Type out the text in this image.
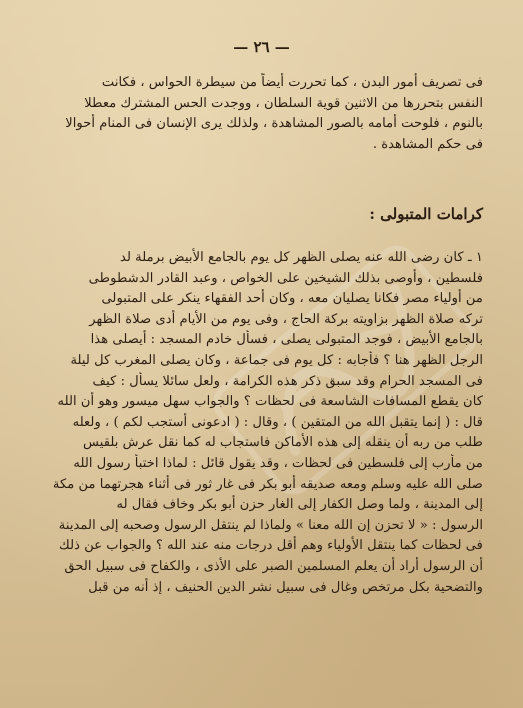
— ٢٦ —
فى تصريف أمور البدن ، كما تحررت أيضاً من سيطرة الحواس ، فكانت
النفس بتحررها من الاثنين قوية السلطان ، ووجدت الحس المشترك معطلا
بالنوم ، فلوحت أمامه بالصور المشاهدة ، ولذلك يرى الإنسان فى المنام أحوالا
فى حكم المشاهدة .
كرامات المتبولى :
١ ـ كان رضى الله عنه يصلى الظهر كل يوم بالجامع الأبيض برملة لد
فلسطين ، وأوصى بذلك الشيخين على الخواص ، وعبد القادر الدشطوطى
من أولياء مصر فكانا يصليان معه ، وكان أحد الفقهاء ينكر على المتبولى
تركه صلاة الظهر بزاويته بركة الحاج ، وفى يوم من الأيام أدى صلاة الظهر
بالجامع الأبيض ، فوجد المتبولى يصلى ، فسأل خادم المسجد : أيصلى هذا
الرجل الظهر هنا ؟ فأجابه : كل يوم فى جماعة ، وكان يصلى المغرب كل ليلة
فى المسجد الحرام وقد سبق ذكر هذه الكرامة ، ولعل سائلا يسأل : كيف
كان يقطع المسافات الشاسعة فى لحظات ؟ والجواب سهل ميسور وهو أن الله
قال : ( إنما يتقبل الله من المتقين ) ، وقال : ( ادعونى أستجب لكم ) ، ولعله
طلب من ربه أن ينقله إلى هذه الأماكن فاستجاب له كما نقل عرش بلقيس
من مأرب إلى فلسطين فى لحظات ، وقد يقول قائل : لماذا اختبأ رسول الله
صلى الله عليه وسلم ومعه صديقه أبو بكر فى غار ثور فى أثناء هجرتهما من مكة
إلى المدينة ، ولما وصل الكفار إلى الغار حزن أبو بكر وخاف فقال له
الرسول : « لا تحزن إن الله معنا » ولماذا لم ينتقل الرسول وصحبه إلى المدينة
فى لحظات كما ينتقل الأولياء وهم أقل درجات منه عند الله ؟ والجواب عن ذلك
أن الرسول أراد أن يعلم المسلمين الصبر على الأذى ، والكفاح فى سبيل الحق
والتضحية بكل مرتخص وغال فى سبيل نشر الدين الحنيف ، إذ أنه من قبل
